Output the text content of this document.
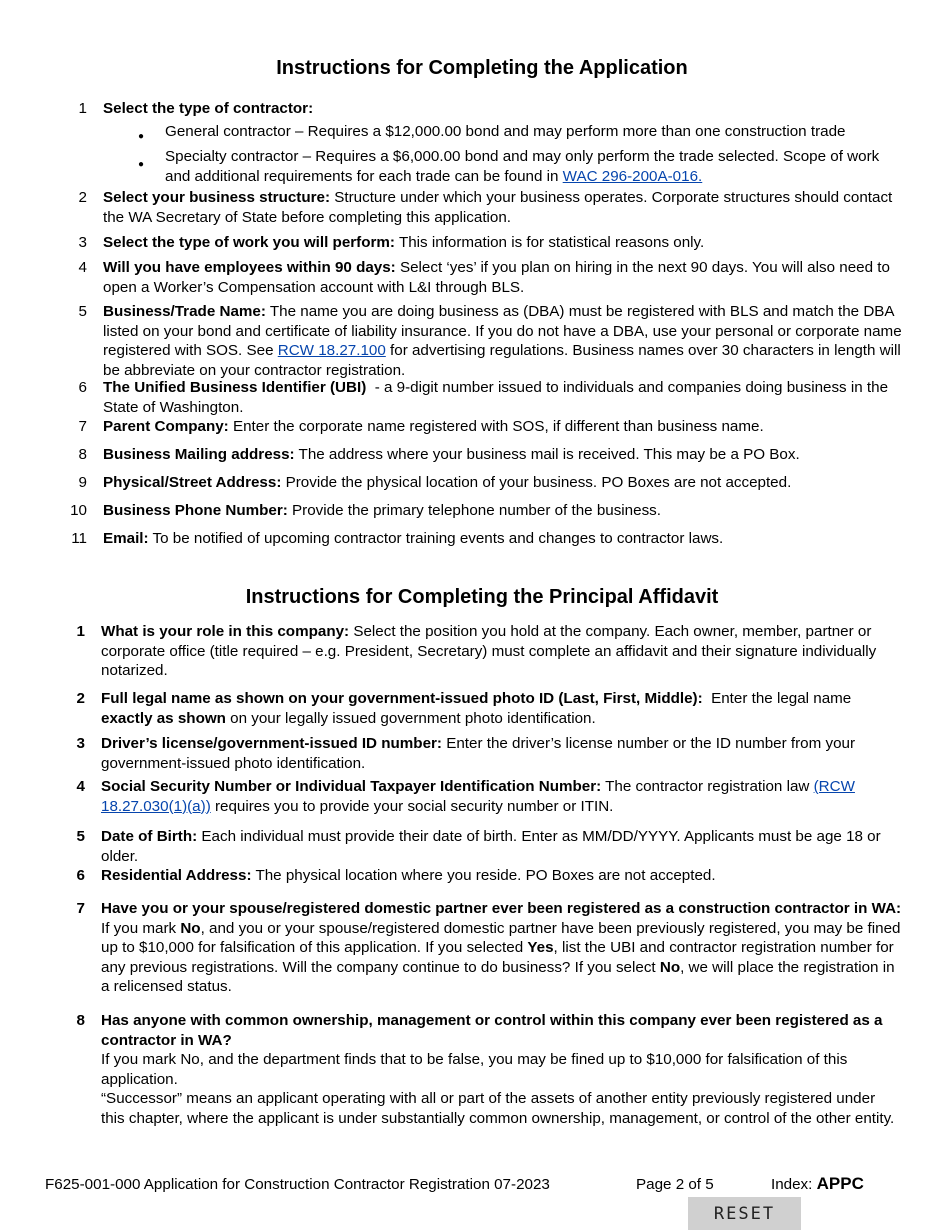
Instructions for Completing the Application
1 Select the type of contractor:
● General contractor – Requires a $12,000.00 bond and may perform more than one construction trade
● Specialty contractor – Requires a $6,000.00 bond and may only perform the trade selected. Scope of work and additional requirements for each trade can be found in WAC 296-200A-016.
2 Select your business structure: Structure under which your business operates. Corporate structures should contact the WA Secretary of State before completing this application.
3 Select the type of work you will perform: This information is for statistical reasons only.
4 Will you have employees within 90 days: Select ‘yes’ if you plan on hiring in the next 90 days. You will also need to open a Worker’s Compensation account with L&I through BLS.
5 Business/Trade Name: The name you are doing business as (DBA) must be registered with BLS and match the DBA listed on your bond and certificate of liability insurance. If you do not have a DBA, use your personal or corporate name registered with SOS. See RCW 18.27.100 for advertising regulations. Business names over 30 characters in length will be abbreviate on your contractor registration.
6 The Unified Business Identifier (UBI)  - a 9-digit number issued to individuals and companies doing business in the State of Washington.
7 Parent Company: Enter the corporate name registered with SOS, if different than business name.
8 Business Mailing address: The address where your business mail is received. This may be a PO Box.
9 Physical/Street Address: Provide the physical location of your business. PO Boxes are not accepted.
10 Business Phone Number: Provide the primary telephone number of the business.
11 Email: To be notified of upcoming contractor training events and changes to contractor laws.
Instructions for Completing the Principal Affidavit
1 What is your role in this company: Select the position you hold at the company. Each owner, member, partner or corporate office (title required – e.g. President, Secretary) must complete an affidavit and their signature individually notarized.
2 Full legal name as shown on your government-issued photo ID (Last, First, Middle):  Enter the legal name exactly as shown on your legally issued government photo identification.
3 Driver’s license/government-issued ID number: Enter the driver’s license number or the ID number from your government-issued photo identification.
4 Social Security Number or Individual Taxpayer Identification Number: The contractor registration law (RCW 18.27.030(1)(a)) requires you to provide your social security number or ITIN.
5 Date of Birth: Each individual must provide their date of birth. Enter as MM/DD/YYYY. Applicants must be age 18 or older.
6 Residential Address: The physical location where you reside. PO Boxes are not accepted.
7 Have you or your spouse/registered domestic partner ever been registered as a construction contractor in WA: If you mark No, and you or your spouse/registered domestic partner have been previously registered, you may be fined up to $10,000 for falsification of this application. If you selected Yes, list the UBI and contractor registration number for any previous registrations. Will the company continue to do business? If you select No, we will place the registration in a relicensed status.
8 Has anyone with common ownership, management or control within this company ever been registered as a contractor in WA?
If you mark No, and the department finds that to be false, you may be fined up to $10,000 for falsification of this application.
“Successor” means an applicant operating with all or part of the assets of another entity previously registered under this chapter, where the applicant is under substantially common ownership, management, or control of the other entity.
F625-001-000 Application for Construction Contractor Registration 07-2023	Page 2 of 5	Index: APPC
RESET
